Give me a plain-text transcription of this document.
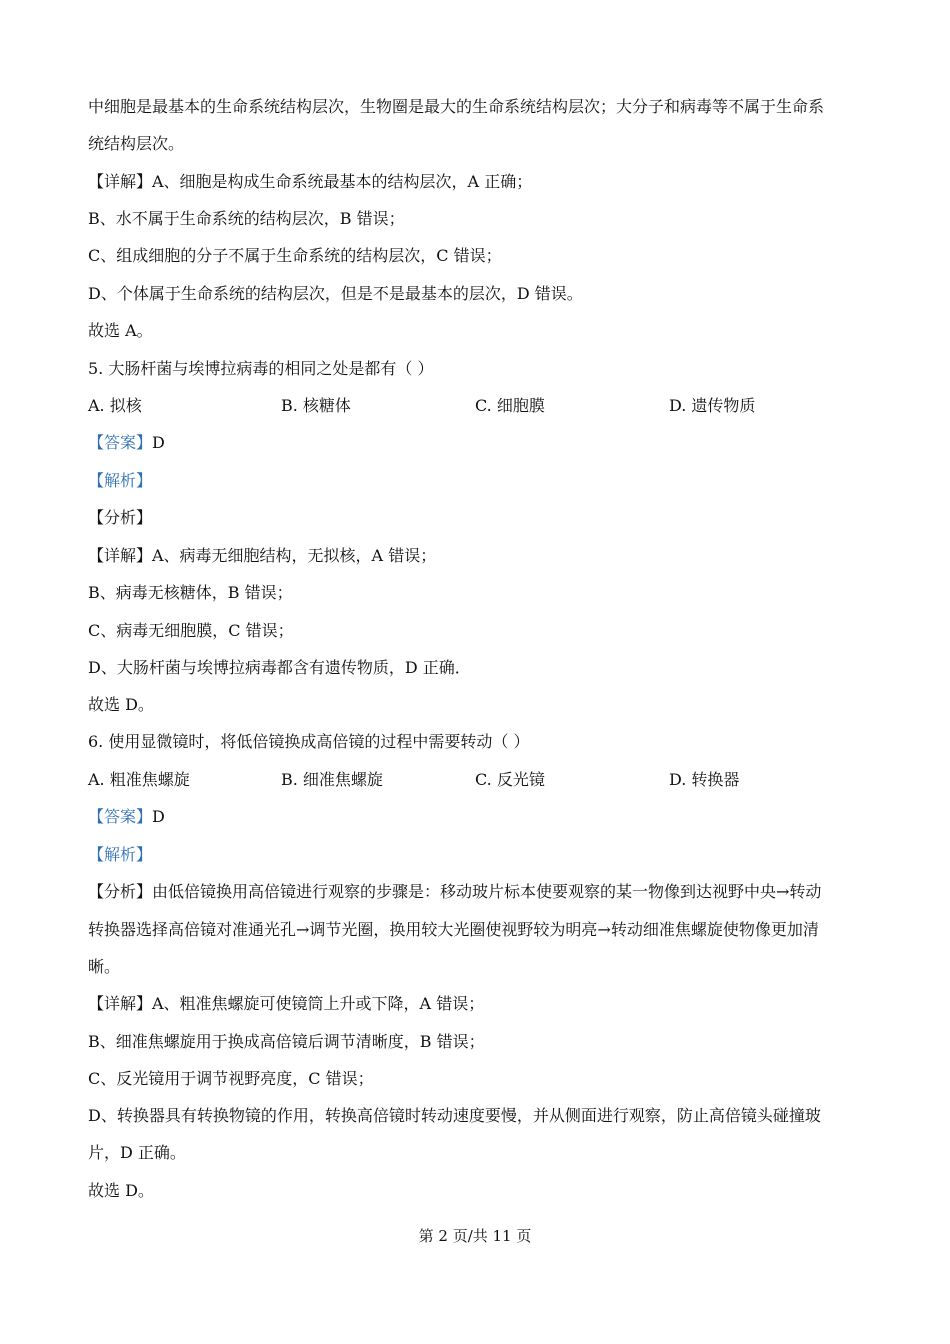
中细胞是最基本的生命系统结构层次，生物圈是最大的生命系统结构层次；大分子和病毒等不属于生命系
统结构层次。
【详解】A、细胞是构成生命系统最基本的结构层次，A 正确；
B、水不属于生命系统的结构层次，B 错误；
C、组成细胞的分子不属于生命系统的结构层次，C 错误；
D、个体属于生命系统的结构层次，但是不是最基本的层次，D 错误。
故选 A。
5. 大肠杆菌与埃博拉病毒的相同之处是都有（ ）
A. 拟核	B. 核糖体	C. 细胞膜	D. 遗传物质
【答案】D
【解析】
【分析】
【详解】A、病毒无细胞结构，无拟核，A 错误；
B、病毒无核糖体，B 错误；
C、病毒无细胞膜，C 错误；
D、大肠杆菌与埃博拉病毒都含有遗传物质，D 正确．
故选 D。
6. 使用显微镜时，将低倍镜换成高倍镜的过程中需要转动（ ）
A. 粗准焦螺旋	B. 细准焦螺旋	C. 反光镜	D. 转换器
【答案】D
【解析】
【分析】由低倍镜换用高倍镜进行观察的步骤是：移动玻片标本使要观察的某一物像到达视野中央→转动
转换器选择高倍镜对准通光孔→调节光圈，换用较大光圈使视野较为明亮→转动细准焦螺旋使物像更加清
晰。
【详解】A、粗准焦螺旋可使镜筒上升或下降，A 错误；
B、细准焦螺旋用于换成高倍镜后调节清晰度，B 错误；
C、反光镜用于调节视野亮度，C 错误；
D、转换器具有转换物镜的作用，转换高倍镜时转动速度要慢，并从侧面进行观察，防止高倍镜头碰撞玻
片，D 正确。
故选 D。
第 2 页/共 11 页
